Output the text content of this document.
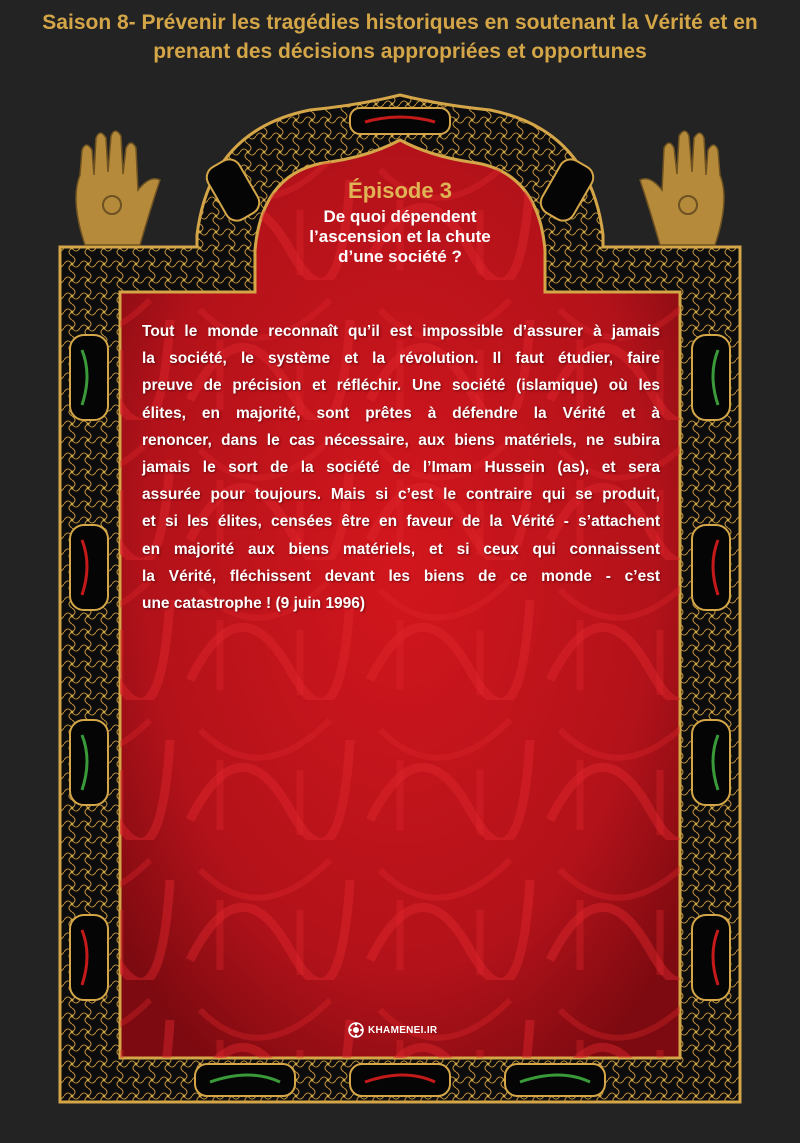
Saison 8- Prévenir les tragédies historiques en soutenant la Vérité et en
prenant des décisions appropriées et opportunes
Épisode 3
De quoi dépendent
l’ascension et la chute
d’une société ?
Tout le monde reconnaît qu’il est impossible d’assurer à jamais
la société, le système et la révolution. Il faut étudier, faire
preuve de précision et réfléchir. Une société (islamique) où les
élites, en majorité, sont prêtes à défendre la Vérité et à
renoncer, dans le cas nécessaire, aux biens matériels, ne subira
jamais le sort de la société de l’Imam Hussein (as), et sera
assurée pour toujours. Mais si c’est le contraire qui se produit,
et si les élites, censées être en faveur de la Vérité - s’attachent
en majorité aux biens matériels, et si ceux qui connaissent
la Vérité, fléchissent devant les biens de ce monde - c’est
une catastrophe ! (9 juin 1996)
KHAMENEI.IR
